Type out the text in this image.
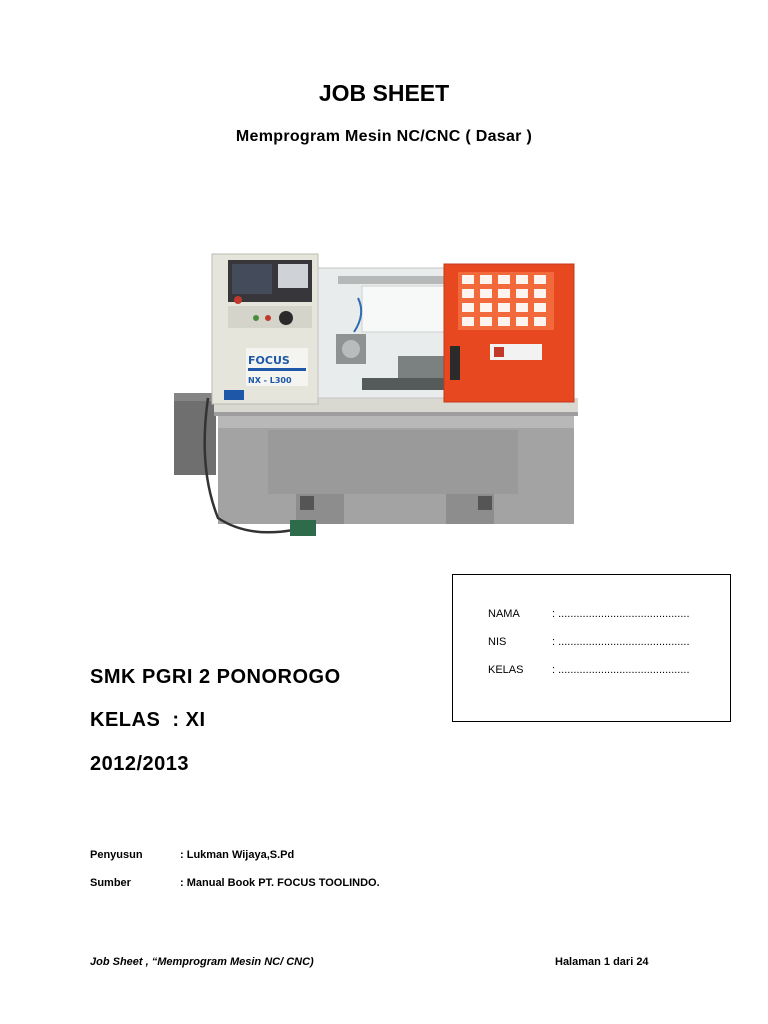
JOB SHEET
Memprogram Mesin NC/CNC ( Dasar )
FOCUS
NX - L300
NAMA	: ...........................................
NIS	: ...........................................
KELAS	: ...........................................
SMK PGRI 2 PONOROGO
KELAS  : XI
2012/2013
Penyusun	: Lukman Wijaya,S.Pd
Sumber	: Manual Book PT. FOCUS TOOLINDO.
Job Sheet , “Memprogram Mesin NC/ CNC)	Halaman 1 dari 24
